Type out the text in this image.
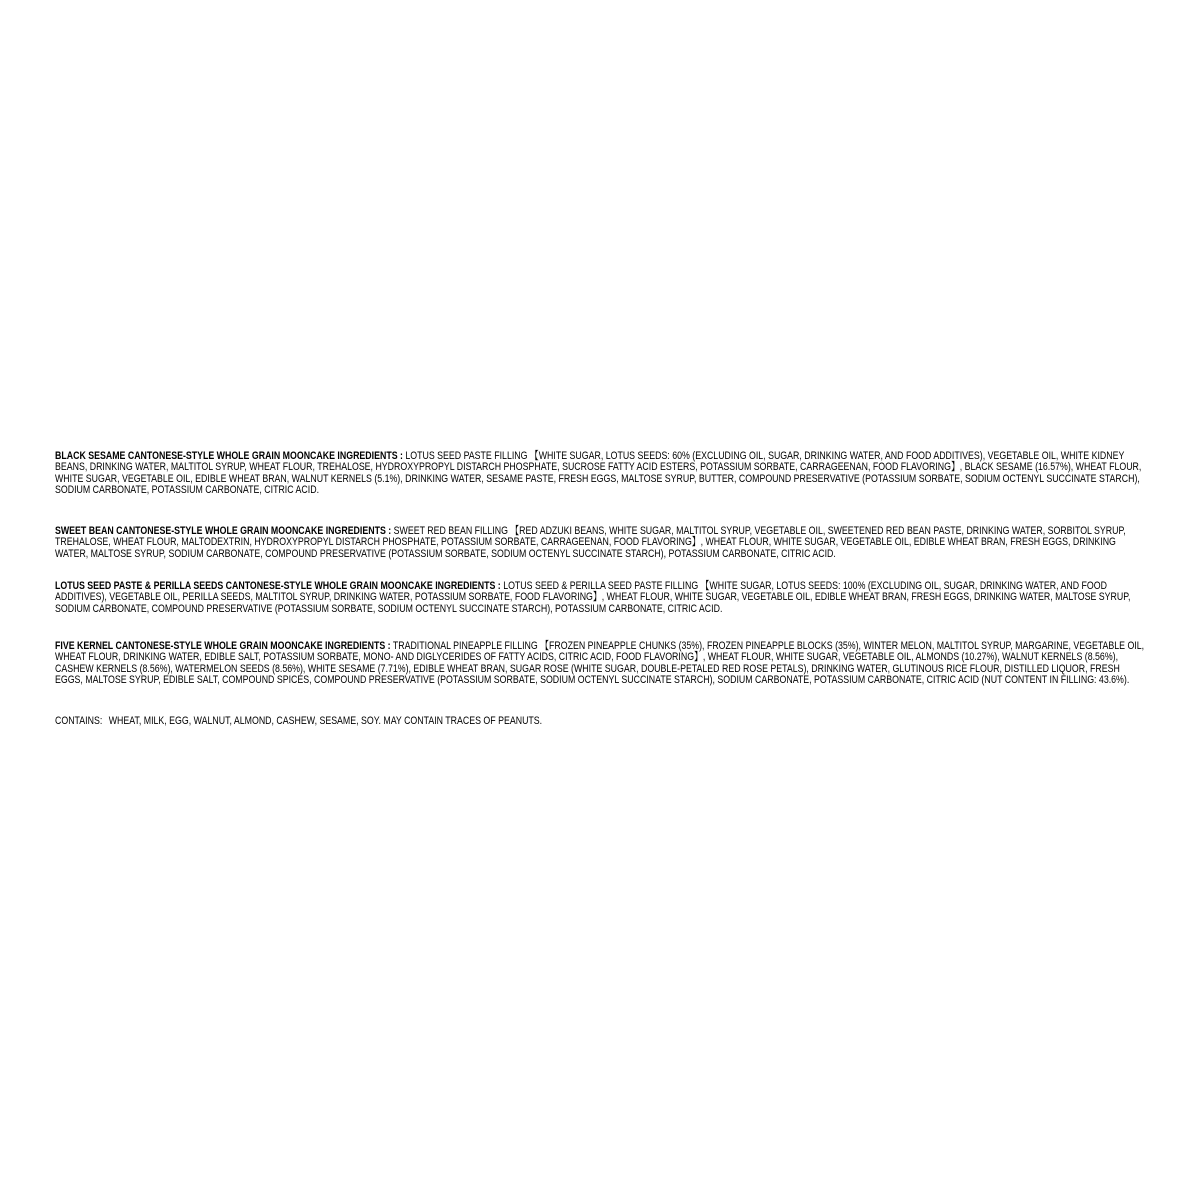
BLACK SESAME CANTONESE-STYLE WHOLE GRAIN MOONCAKE INGREDIENTS : LOTUS SEED PASTE FILLING 【WHITE SUGAR, LOTUS SEEDS: 60% (EXCLUDING OIL, SUGAR, DRINKING WATER, AND FOOD ADDITIVES), VEGETABLE OIL, WHITE KIDNEY BEANS, DRINKING WATER, MALTITOL SYRUP, WHEAT FLOUR, TREHALOSE, HYDROXYPROPYL DISTARCH PHOSPHATE, SUCROSE FATTY ACID ESTERS, POTASSIUM SORBATE, CARRAGEENAN, FOOD FLAVORING】, BLACK SESAME (16.57%), WHEAT FLOUR, WHITE SUGAR, VEGETABLE OIL, EDIBLE WHEAT BRAN, WALNUT KERNELS (5.1%), DRINKING WATER, SESAME PASTE, FRESH EGGS, MALTOSE SYRUP, BUTTER, COMPOUND PRESERVATIVE (POTASSIUM SORBATE, SODIUM OCTENYL SUCCINATE STARCH), SODIUM CARBONATE, POTASSIUM CARBONATE, CITRIC ACID.

SWEET BEAN CANTONESE-STYLE WHOLE GRAIN MOONCAKE INGREDIENTS : SWEET RED BEAN FILLING 【RED ADZUKI BEANS, WHITE SUGAR, MALTITOL SYRUP, VEGETABLE OIL, SWEETENED RED BEAN PASTE, DRINKING WATER, SORBITOL SYRUP, TREHALOSE, WHEAT FLOUR, MALTODEXTRIN, HYDROXYPROPYL DISTARCH PHOSPHATE, POTASSIUM SORBATE, CARRAGEENAN, FOOD FLAVORING】, WHEAT FLOUR, WHITE SUGAR, VEGETABLE OIL, EDIBLE WHEAT BRAN, FRESH EGGS, DRINKING WATER, MALTOSE SYRUP, SODIUM CARBONATE, COMPOUND PRESERVATIVE (POTASSIUM SORBATE, SODIUM OCTENYL SUCCINATE STARCH), POTASSIUM CARBONATE, CITRIC ACID.

LOTUS SEED PASTE & PERILLA SEEDS CANTONESE-STYLE WHOLE GRAIN MOONCAKE INGREDIENTS : LOTUS SEED & PERILLA SEED PASTE FILLING 【WHITE SUGAR, LOTUS SEEDS: 100% (EXCLUDING OIL, SUGAR, DRINKING WATER, AND FOOD ADDITIVES), VEGETABLE OIL, PERILLA SEEDS, MALTITOL SYRUP, DRINKING WATER, POTASSIUM SORBATE, FOOD FLAVORING】, WHEAT FLOUR, WHITE SUGAR, VEGETABLE OIL, EDIBLE WHEAT BRAN, FRESH EGGS, DRINKING WATER, MALTOSE SYRUP, SODIUM CARBONATE, COMPOUND PRESERVATIVE (POTASSIUM SORBATE, SODIUM OCTENYL SUCCINATE STARCH), POTASSIUM CARBONATE, CITRIC ACID.

FIVE KERNEL CANTONESE-STYLE WHOLE GRAIN MOONCAKE INGREDIENTS : TRADITIONAL PINEAPPLE FILLING 【FROZEN PINEAPPLE CHUNKS (35%), FROZEN PINEAPPLE BLOCKS (35%), WINTER MELON, MALTITOL SYRUP, MARGARINE, VEGETABLE OIL, WHEAT FLOUR, DRINKING WATER, EDIBLE SALT, POTASSIUM SORBATE, MONO- AND DIGLYCERIDES OF FATTY ACIDS, CITRIC ACID, FOOD FLAVORING】, WHEAT FLOUR, WHITE SUGAR, VEGETABLE OIL, ALMONDS (10.27%), WALNUT KERNELS (8.56%), CASHEW KERNELS (8.56%), WATERMELON SEEDS (8.56%), WHITE SESAME (7.71%), EDIBLE WHEAT BRAN, SUGAR ROSE (WHITE SUGAR, DOUBLE-PETALED RED ROSE PETALS), DRINKING WATER, GLUTINOUS RICE FLOUR, DISTILLED LIQUOR, FRESH EGGS, MALTOSE SYRUP, EDIBLE SALT, COMPOUND SPICES, COMPOUND PRESERVATIVE (POTASSIUM SORBATE, SODIUM OCTENYL SUCCINATE STARCH), SODIUM CARBONATE, POTASSIUM CARBONATE, CITRIC ACID (NUT CONTENT IN FILLING: 43.6%).

CONTAINS: WHEAT, MILK, EGG, WALNUT, ALMOND, CASHEW, SESAME, SOY. MAY CONTAIN TRACES OF PEANUTS.
